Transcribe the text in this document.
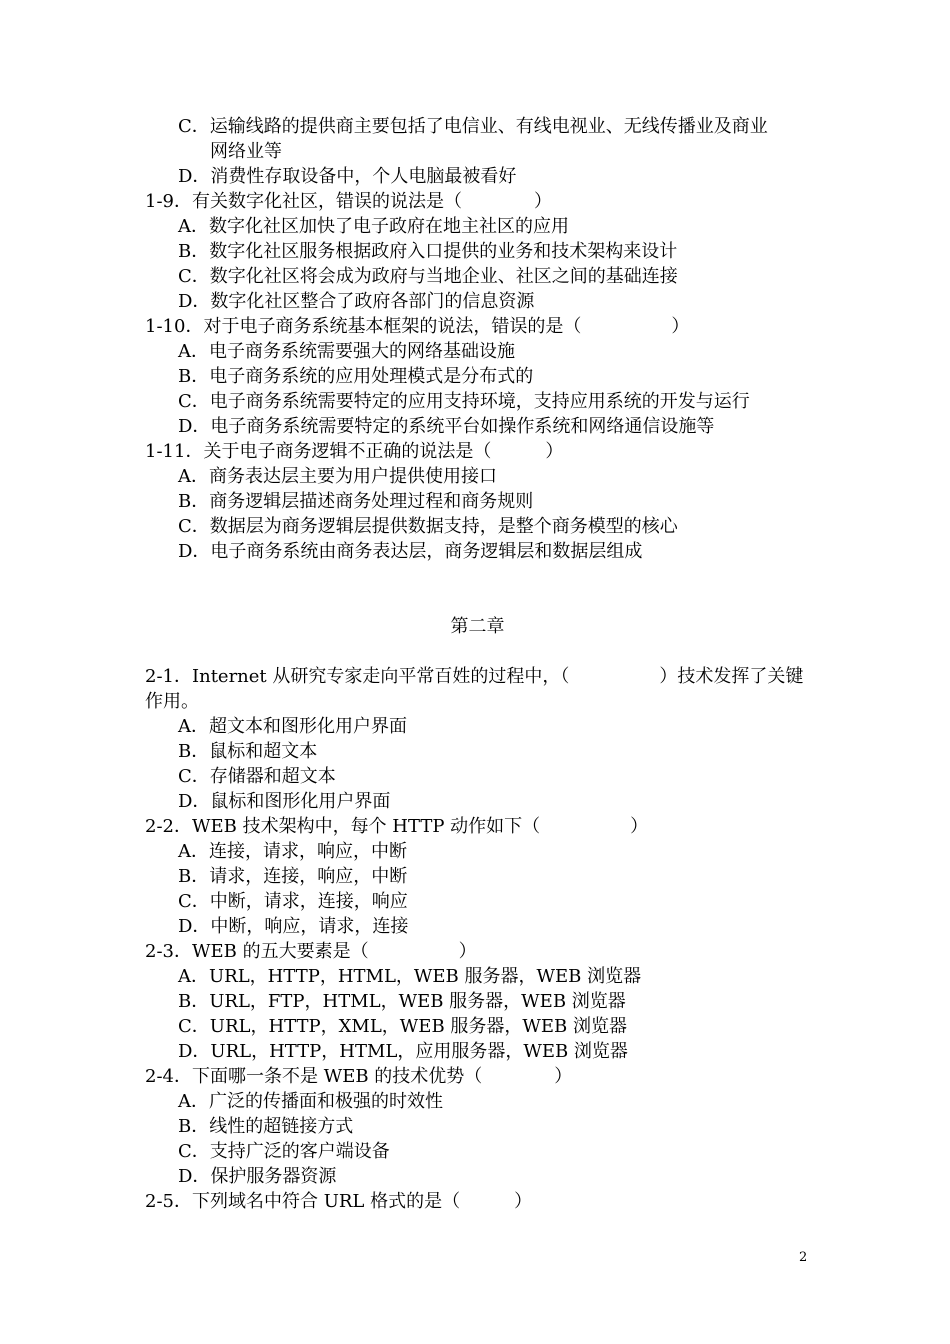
C．运输线路的提供商主要包括了电信业、有线电视业、无线传播业及商业
网络业等
D．消费性存取设备中，个人电脑最被看好
1-9．有关数字化社区，错误的说法是（　　　　）
A．数字化社区加快了电子政府在地主社区的应用
B．数字化社区服务根据政府入口提供的业务和技术架构来设计
C．数字化社区将会成为政府与当地企业、社区之间的基础连接
D．数字化社区整合了政府各部门的信息资源
1-10．对于电子商务系统基本框架的说法，错误的是（　　　　　）
A．电子商务系统需要强大的网络基础设施
B．电子商务系统的应用处理模式是分布式的
C．电子商务系统需要特定的应用支持环境，支持应用系统的开发与运行
D．电子商务系统需要特定的系统平台如操作系统和网络通信设施等
1-11．关于电子商务逻辑不正确的说法是（　　　）
A．商务表达层主要为用户提供使用接口
B．商务逻辑层描述商务处理过程和商务规则
C．数据层为商务逻辑层提供数据支持，是整个商务模型的核心
D．电子商务系统由商务表达层，商务逻辑层和数据层组成
第二章
2-1．Internet 从研究专家走向平常百姓的过程中，（　　　　　）技术发挥了关键
作用。
A．超文本和图形化用户界面
B．鼠标和超文本
C．存储器和超文本
D．鼠标和图形化用户界面
2-2．WEB 技术架构中，每个 HTTP 动作如下（　　　　　）
A．连接，请求，响应，中断
B．请求，连接，响应，中断
C．中断，请求，连接，响应
D．中断，响应，请求，连接
2-3．WEB 的五大要素是（　　　　　）
A．URL，HTTP，HTML，WEB 服务器，WEB 浏览器
B．URL，FTP，HTML，WEB 服务器，WEB 浏览器
C．URL，HTTP，XML，WEB 服务器，WEB 浏览器
D．URL，HTTP，HTML，应用服务器，WEB 浏览器
2-4．下面哪一条不是 WEB 的技术优势（　　　　）
A．广泛的传播面和极强的时效性
B．线性的超链接方式
C．支持广泛的客户端设备
D．保护服务器资源
2-5．下列域名中符合 URL 格式的是（　　　）
2
